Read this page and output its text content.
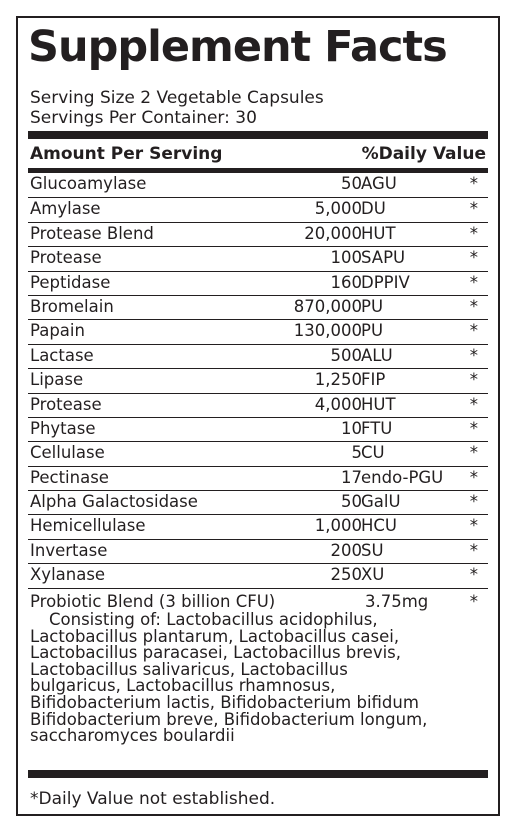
Supplement Facts
Serving Size 2 Vegetable Capsules
Servings Per Container: 30
Amount Per Serving	%Daily Value
Glucoamylase	50 AGU	*
Amylase	5,000 DU	*
Protease Blend	20,000 HUT	*
Protease	100 SAPU	*
Peptidase	160 DPPIV	*
Bromelain	870,000 PU	*
Papain	130,000 PU	*
Lactase	500 ALU	*
Lipase	1,250 FIP	*
Protease	4,000 HUT	*
Phytase	10 FTU	*
Cellulase	5 CU	*
Pectinase	17 endo-PGU *
Alpha Galactosidase	50 GalU	*
Hemicellulase	1,000 HCU	*
Invertase	200 SU	*
Xylanase	250 XU	*
Probiotic Blend (3 billion CFU)	3.75mg	*
Consisting of: Lactobacillus acidophilus,
Lactobacillus plantarum, Lactobacillus casei,
Lactobacillus paracasei, Lactobacillus brevis,
Lactobacillus salivaricus, Lactobacillus
bulgaricus, Lactobacillus rhamnosus,
Bifidobacterium lactis, Bifidobacterium bifidum
Bifidobacterium breve, Bifidobacterium longum,
saccharomyces boulardii
*Daily Value not established.
